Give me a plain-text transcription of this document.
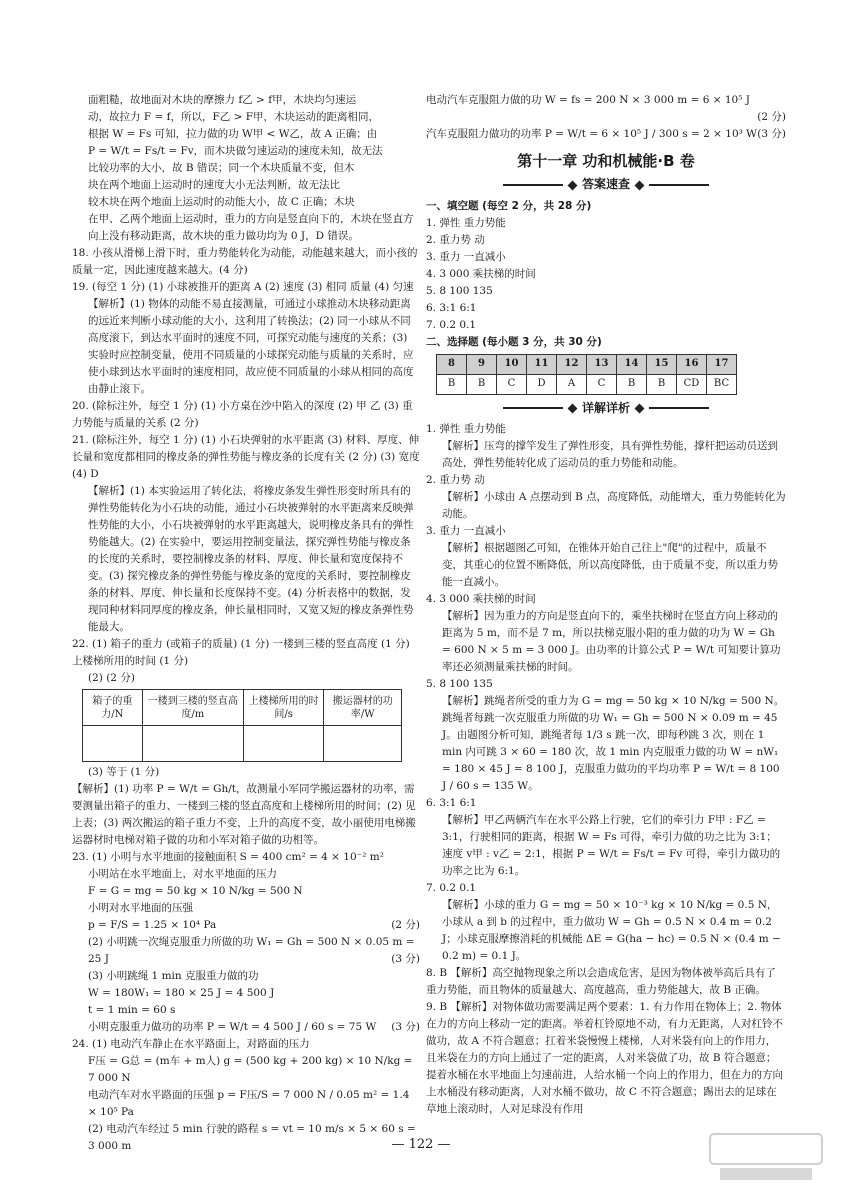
面粗糙，故地面对木块的摩擦力 f乙 > f甲，木块均匀速运

动，故拉力 F = f，所以，F乙 > F甲，木块运动的距离相同，

根据 W = Fs 可知，拉力做的功 W甲 < W乙，故 A 正确；由

P = W/t = Fs/t = Fv，而木块做匀速运动的速度未知，故无法

比较功率的大小，故 B 错误；同一个木块质量不变，但木

块在两个地面上运动时的速度大小无法判断，故无法比

较木块在两个地面上运动时的动能大小，故 C 正确；木块

在甲、乙两个地面上运动时，重力的方向是竖直向下的，木块在竖直方向上没有移动距离，故木块的重力做功均为 0 J，D 错误。

18. 小孩从滑梯上滑下时，重力势能转化为动能，动能越来越大，而小孩的质量一定，因此速度越来越大。(4 分)

19. (每空 1 分) (1) 小球被推开的距离 A (2) 速度 (3) 相同 质量 (4) 匀速

【解析】(1) 物体的动能不易直接测量，可通过小球推动木块移动距离的远近来判断小球动能的大小，这利用了转换法；(2) 同一小球从不同高度滚下，到达水平面时的速度不同，可探究动能与速度的关系；(3) 实验时应控制变量，使用不同质量的小球探究动能与质量的关系时，应使小球到达水平面时的速度相同，故应使不同质量的小球从相同的高度由静止滚下。

20. (除标注外，每空 1 分) (1) 小方桌在沙中陷入的深度 (2) 甲 乙 (3) 重力势能与质量的关系 (2 分)

21. (除标注外，每空 1 分) (1) 小石块弹射的水平距离 (3) 材料、厚度、伸长量和宽度都相同的橡皮条的弹性势能与橡皮条的长度有关 (2 分) (3) 宽度 (4) D

【解析】(1) 本实验运用了转化法，将橡皮条发生弹性形变时所具有的弹性势能转化为小石块的动能，通过小石块被弹射的水平距离来反映弹性势能的大小，小石块被弹射的水平距离越大，说明橡皮条具有的弹性势能越大。(2) 在实验中，要运用控制变量法，探究弹性势能与橡皮条的长度的关系时，要控制橡皮条的材料、厚度、伸长量和宽度保持不变。(3) 探究橡皮条的弹性势能与橡皮条的宽度的关系时，要控制橡皮条的材料、厚度、伸长量和长度保持不变。(4) 分析表格中的数据，发现同种材料同厚度的橡皮条，伸长量相同时，又宽又短的橡皮条弹性势能最大。

22. (1) 箱子的重力 (或箱子的质量) (1 分) 一楼到三楼的竖直高度 (1 分) 上楼梯所用的时间 (1 分)

(2) (2 分)

箱子的重力/N	一楼到三楼的竖直高度/m	上楼梯所用的时间/s	搬运器材的功率/W

(3) 等于 (1 分)

【解析】(1) 功率 P = W/t = Gh/t，故测量小军同学搬运器材的功率，需要测量出箱子的重力、一楼到三楼的竖直高度和上楼梯所用的时间；(2) 见上表；(3) 两次搬运的箱子重力不变，上升的高度不变，故小丽使用电梯搬运器材时电梯对箱子做的功和小军对箱子做的功相等。

23. (1) 小明与水平地面的接触面积 S = 400 cm² = 4 × 10⁻² m²

小明站在水平地面上，对水平地面的压力

F = G = mg = 50 kg × 10 N/kg = 500 N

小明对水平地面的压强

p = F/S = 1.25 × 10⁴ Pa	(2 分)

(2) 小明跳一次绳克服重力所做的功 W₁ = Gh = 500 N × 0.05 m = 25 J	(3 分)

(3) 小明跳绳 1 min 克服重力做的功

W = 180W₁ = 180 × 25 J = 4 500 J

t = 1 min = 60 s

小明克服重力做功的功率 P = W/t = 4 500 J / 60 s = 75 W (3 分)

24. (1) 电动汽车静止在水平路面上，对路面的压力

F压 = G总 = (m车 + m人) g = (500 kg + 200 kg) × 10 N/kg = 7 000 N

电动汽车对水平路面的压强 p = F压/S = 7 000 N / 0.05 m² = 1.4 × 10⁵ Pa

(2) 电动汽车经过 5 min 行驶的路程 s = vt = 10 m/s × 5 × 60 s = 3 000 m

电动汽车克服阻力做的功 W = fs = 200 N × 3 000 m = 6 × 10⁵ J

(2 分)

汽车克服阻力做功的功率 P = W/t = 6 × 10⁵ J / 300 s = 2 × 10³ W (3 分)

第十一章 功和机械能·B 卷
答案速查

一、填空题 (每空 2 分，共 28 分)

1. 弹性 重力势能

2. 重力势 动

3. 重力 一直减小

4. 3 000 乘扶梯的时间

5. 8 100 135

6. 3:1 6:1

7. 0.2 0.1

二、选择题 (每小题 3 分，共 30 分)

8	9	10	11	12	13	14	15	16	17
B	B	C	D	A	C	B	B	CD	BC
详解详析

1. 弹性 重力势能

【解析】压弯的撑竿发生了弹性形变，具有弹性势能，撑杆把运动员送到高处，弹性势能转化成了运动员的重力势能和动能。

2. 重力势 动

【解析】小球由 A 点摆动到 B 点，高度降低，动能增大，重力势能转化为动能。

3. 重力 一直减小

【解析】根据题图乙可知，在锥体开始自己往上"爬"的过程中，质量不变，其重心的位置不断降低，所以高度降低，由于质量不变，所以重力势能一直减小。

4. 3 000 乘扶梯的时间

【解析】因为重力的方向是竖直向下的，乘坐扶梯时在竖直方向上移动的距离为 5 m，而不是 7 m，所以扶梯克服小阳的重力做的功为 W = Gh = 600 N × 5 m = 3 000 J。由功率的计算公式 P = W/t 可知要计算功率还必须测量乘扶梯的时间。

5. 8 100 135

【解析】跳绳者所受的重力为 G = mg = 50 kg × 10 N/kg = 500 N。跳绳者每跳一次克服重力所做的功 W₁ = Gh = 500 N × 0.09 m = 45 J。由题图分析可知，跳绳者每 1/3 s 跳一次，即每秒跳 3 次，则在 1 min 内可跳 3 × 60 = 180 次，故 1 min 内克服重力做的功 W = nW₁ = 180 × 45 J = 8 100 J，克服重力做功的平均功率 P = W/t = 8 100 J / 60 s = 135 W。

6. 3:1 6:1

【解析】甲乙两辆汽车在水平公路上行驶，它们的牵引力 F甲 : F乙 = 3:1，行驶相同的距离，根据 W = Fs 可得，牵引力做的功之比为 3:1；速度 v甲 : v乙 = 2:1，根据 P = W/t = Fs/t = Fv 可得，牵引力做功的功率之比为 6:1。

7. 0.2 0.1

【解析】小球的重力 G = mg = 50 × 10⁻³ kg × 10 N/kg = 0.5 N，小球从 a 到 b 的过程中，重力做功 W = Gh = 0.5 N × 0.4 m = 0.2 J；小球克服摩擦消耗的机械能 ΔE = G(ha − hc) = 0.5 N × (0.4 m − 0.2 m) = 0.1 J。

8. B 【解析】高空抛物现象之所以会造成危害，是因为物体被举高后具有了重力势能，而且物体的质量越大、高度越高，重力势能越大，故 B 正确。

9. B 【解析】对物体做功需要满足两个要素：1. 有力作用在物体上；2. 物体在力的方向上移动一定的距离。举着杠铃原地不动，有力无距离，人对杠铃不做功，故 A 不符合题意；扛着米袋慢慢上楼梯，人对米袋有向上的作用力，且米袋在力的方向上通过了一定的距离，人对米袋做了功，故 B 符合题意；提着水桶在水平地面上匀速前进，人给水桶一个向上的作用力，但在力的方向上水桶没有移动距离，人对水桶不做功，故 C 不符合题意；踢出去的足球在草地上滚动时，人对足球没有作用

— 122 —
